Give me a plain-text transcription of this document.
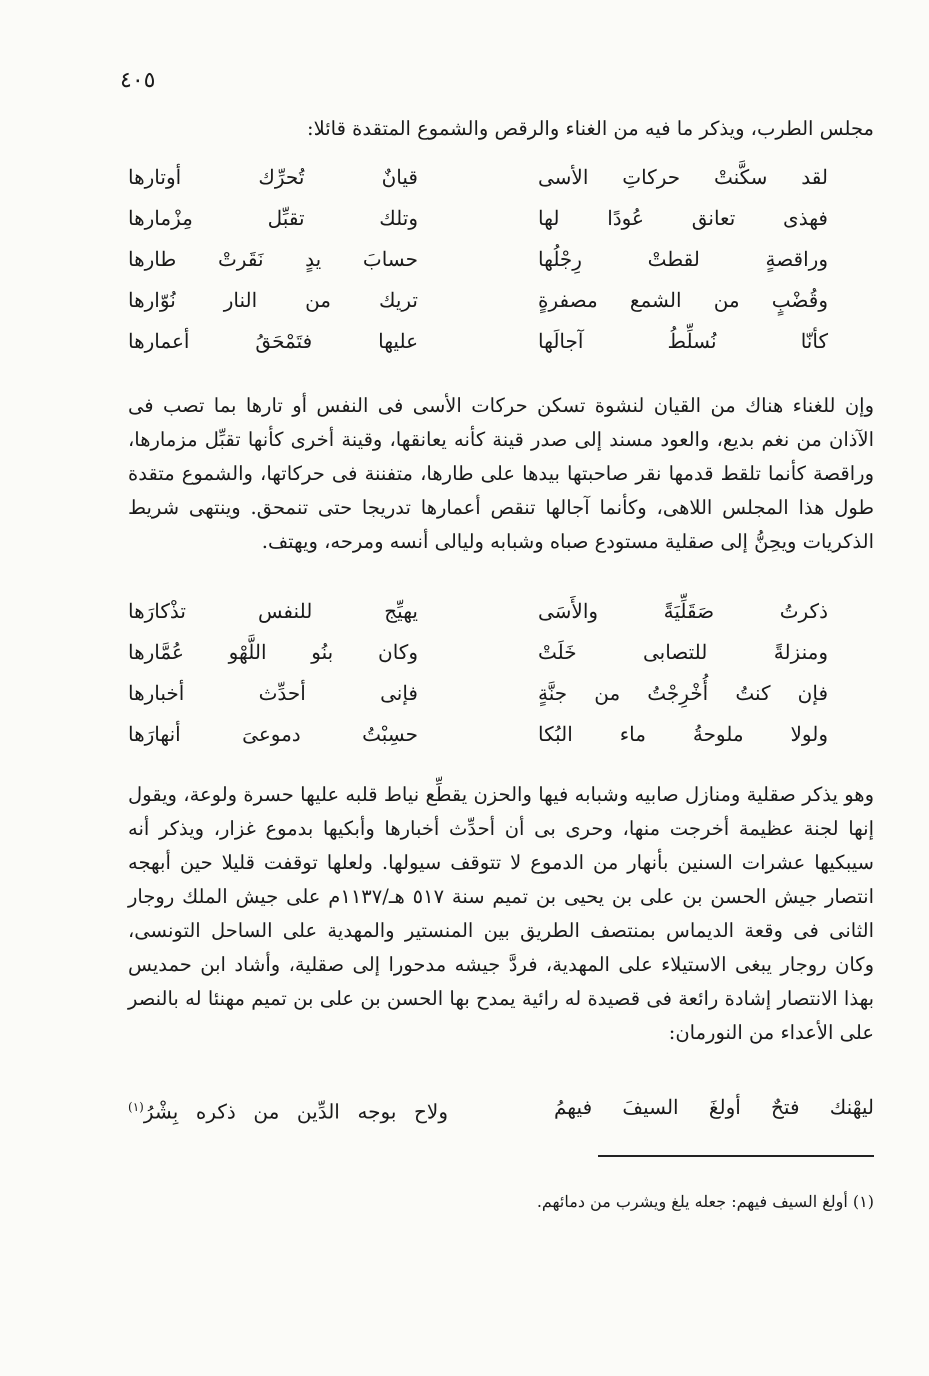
٤٠٥
مجلس الطرب، ويذكر ما فيه من الغناء والرقص والشموع المتقدة قائلا:
لقد سكَّنتْ حركاتِ الأسى
قيانٌ تُحرِّك أوتارها
فهذى تعانق عُودًا لها
وتلك تقبِّل مِزْمارها
وراقصةٍ لقطتْ رِجْلُها
حسابَ يدٍ نَقَرتْ طارها
وقُضْبٍ من الشمع مصفرةٍ
تريك من النار نُوّارها
كأنّا نُسلِّطُ آجالَها
عليها فتَمْحَقُ أعمارها
وإن للغناء هناك من القيان لنشوة تسكن حركات الأسى فى النفس أو تارها بما تصب فى الآذان من نغم بديع، والعود مسند إلى صدر قينة كأنه يعانقها، وقينة أخرى كأنها تقبِّل مزمارها، وراقصة كأنما تلقط قدمها نقر صاحبتها بيدها على طارها، متفننة فى حركاتها، والشموع متقدة طول هذا المجلس اللاهى، وكأنما آجالها تنقص أعمارها تدريجا حتى تنمحق. وينتهى شريط الذكريات ويحِنُّ إلى صقلية مستودع صباه وشبابه وليالى أنسه ومرحه، ويهتف.
ذكرتُ صَقَلِّيَةً والأَسَى
يهيِّج للنفس تذْكارَها
ومنزلةً للتصابى خَلَتْ
وكان بنُو اللَّهْو عُمَّارها
فإن كنتُ أُخْرِجْتُ من جنَّةٍ
فإنى أحدِّث أخبارها
ولولا ملوحةُ ماء البُكا
حسِبْتُ دموعىَ أنهارَها
وهو يذكر صقلية ومنازل صابيه وشبابه فيها والحزن يقطِّع نياط قلبه عليها حسرة ولوعة، ويقول إنها لجنة عظيمة أخرجت منها، وحرى بى أن أحدِّث أخبارها وأبكيها بدموع غزار، ويذكر أنه سيبكيها عشرات السنين بأنهار من الدموع لا تتوقف سيولها. ولعلها توقفت قليلا حين أبهجه انتصار جيش الحسن بن على بن يحيى بن تميم سنة ٥١٧ هـ/١١٣٧م على جيش الملك روجار الثانى فى وقعة الديماس بمنتصف الطريق بين المنستير والمهدية على الساحل التونسى، وكان روجار يبغى الاستيلاء على المهدية، فردَّ جيشه مدحورا إلى صقلية، وأشاد ابن حمديس بهذا الانتصار إشادة رائعة فى قصيدة له رائية يمدح بها الحسن بن على بن تميم مهنئا له بالنصر على الأعداء من النورمان:
ليهْنك فتحٌ أولغَ السيفَ فيهمُ
ولاح بوجه الدِّين من ذكره بِشْرُ$^{(١)}$
(١) أولغ السيف فيهم: جعله يلغ ويشرب من دمائهم.
